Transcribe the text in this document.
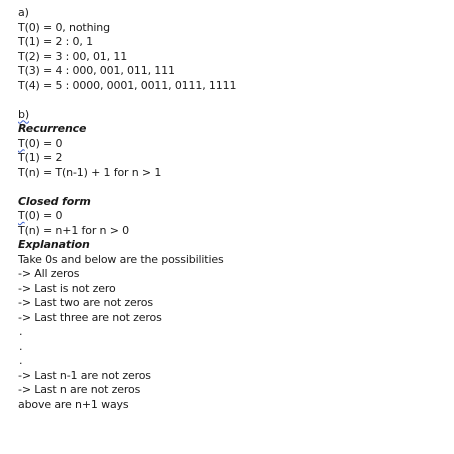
a)
T(0) = 0, nothing
T(1) = 2 : 0, 1
T(2) = 3 : 00, 01, 11
T(3) = 4 : 000, 001, 011, 111
T(4) = 5 : 0000, 0001, 0011, 0111, 1111
b)
Recurrence
T(0) = 0
T(1) = 2
T(n) = T(n-1) + 1 for n > 1
Closed form
T(0) = 0
T(n) = n+1 for n > 0
Explanation
Take 0s and below are the possibilities
-> All zeros
-> Last is not zero
-> Last two are not zeros
-> Last three are not zeros
.
.
.
-> Last n-1 are not zeros
-> Last n are not zeros
above are n+1 ways
